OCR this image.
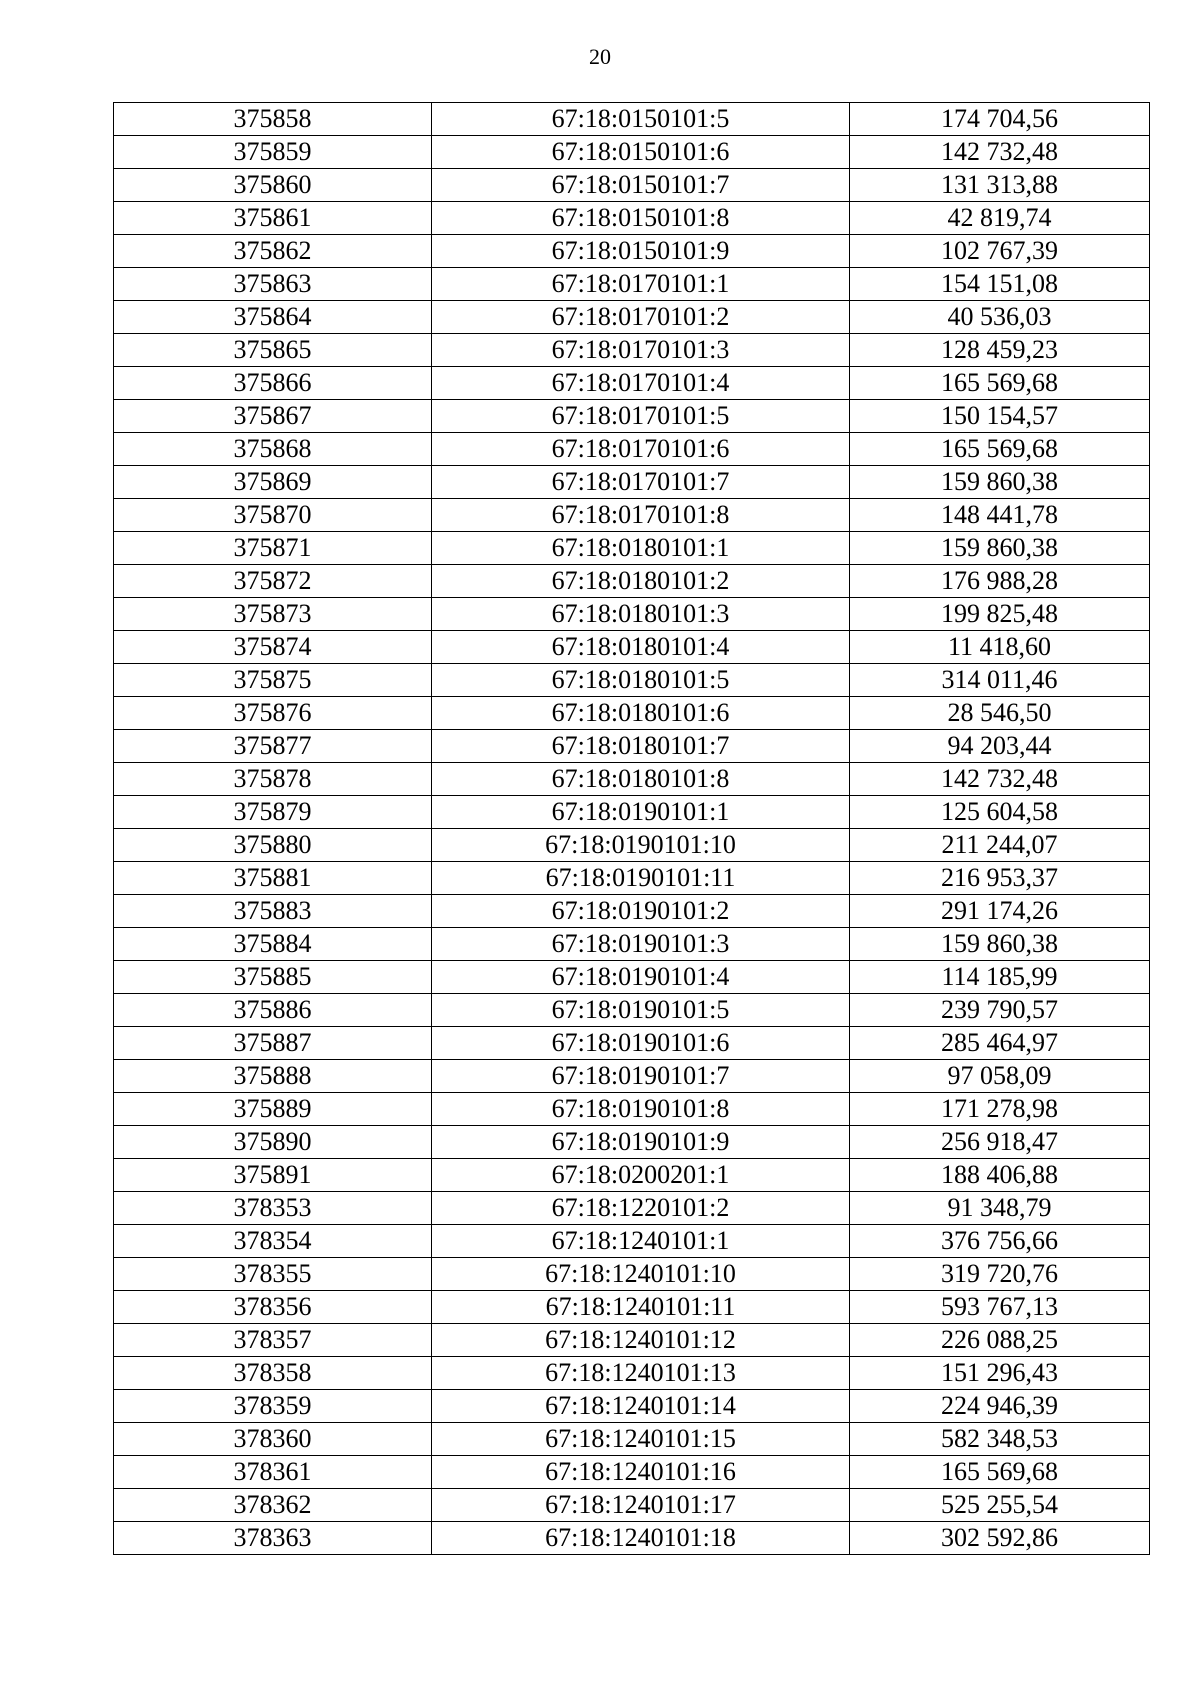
20
375858	67:18:0150101:5	174 704,56
375859	67:18:0150101:6	142 732,48
375860	67:18:0150101:7	131 313,88
375861	67:18:0150101:8	42 819,74
375862	67:18:0150101:9	102 767,39
375863	67:18:0170101:1	154 151,08
375864	67:18:0170101:2	40 536,03
375865	67:18:0170101:3	128 459,23
375866	67:18:0170101:4	165 569,68
375867	67:18:0170101:5	150 154,57
375868	67:18:0170101:6	165 569,68
375869	67:18:0170101:7	159 860,38
375870	67:18:0170101:8	148 441,78
375871	67:18:0180101:1	159 860,38
375872	67:18:0180101:2	176 988,28
375873	67:18:0180101:3	199 825,48
375874	67:18:0180101:4	11 418,60
375875	67:18:0180101:5	314 011,46
375876	67:18:0180101:6	28 546,50
375877	67:18:0180101:7	94 203,44
375878	67:18:0180101:8	142 732,48
375879	67:18:0190101:1	125 604,58
375880	67:18:0190101:10	211 244,07
375881	67:18:0190101:11	216 953,37
375883	67:18:0190101:2	291 174,26
375884	67:18:0190101:3	159 860,38
375885	67:18:0190101:4	114 185,99
375886	67:18:0190101:5	239 790,57
375887	67:18:0190101:6	285 464,97
375888	67:18:0190101:7	97 058,09
375889	67:18:0190101:8	171 278,98
375890	67:18:0190101:9	256 918,47
375891	67:18:0200201:1	188 406,88
378353	67:18:1220101:2	91 348,79
378354	67:18:1240101:1	376 756,66
378355	67:18:1240101:10	319 720,76
378356	67:18:1240101:11	593 767,13
378357	67:18:1240101:12	226 088,25
378358	67:18:1240101:13	151 296,43
378359	67:18:1240101:14	224 946,39
378360	67:18:1240101:15	582 348,53
378361	67:18:1240101:16	165 569,68
378362	67:18:1240101:17	525 255,54
378363	67:18:1240101:18	302 592,86
